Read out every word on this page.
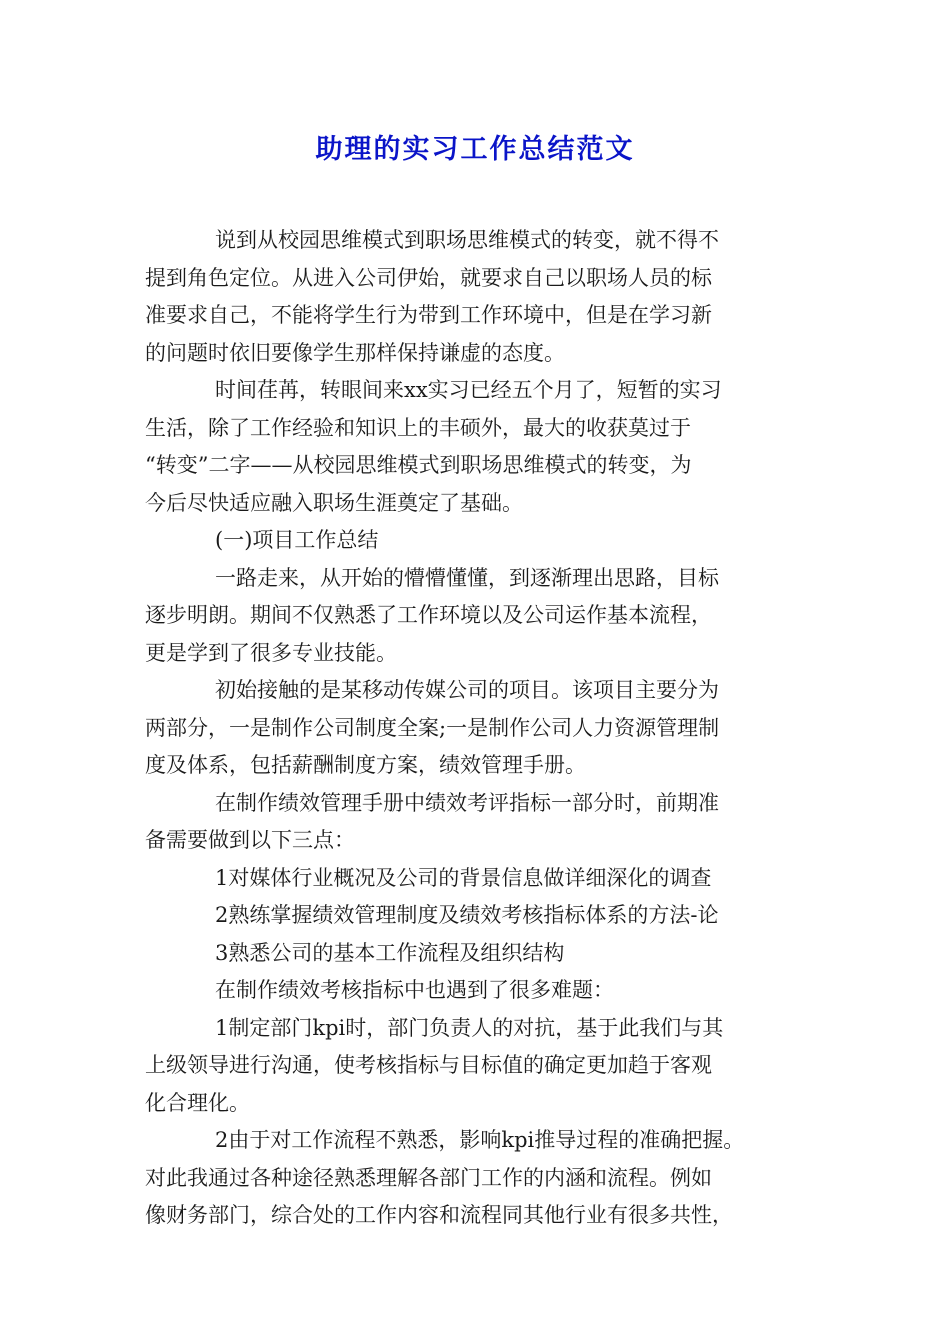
助理的实习工作总结范文
说到从校园思维模式到职场思维模式的转变，就不得不
提到角色定位。从进入公司伊始，就要求自己以职场人员的标
准要求自己，不能将学生行为带到工作环境中，但是在学习新
的问题时依旧要像学生那样保持谦虚的态度。
时间荏苒，转眼间来xx实习已经五个月了，短暂的实习
生活，除了工作经验和知识上的丰硕外，最大的收获莫过于
“转变”二字——从校园思维模式到职场思维模式的转变，为
今后尽快适应融入职场生涯奠定了基础。
(一)项目工作总结
一路走来，从开始的懵懵懂懂，到逐渐理出思路，目标
逐步明朗。期间不仅熟悉了工作环境以及公司运作基本流程，
更是学到了很多专业技能。
初始接触的是某移动传媒公司的项目。该项目主要分为
两部分，一是制作公司制度全案;一是制作公司人力资源管理制
度及体系，包括薪酬制度方案，绩效管理手册。
在制作绩效管理手册中绩效考评指标一部分时，前期准
备需要做到以下三点：
1对媒体行业概况及公司的背景信息做详细深化的调查
2熟练掌握绩效管理制度及绩效考核指标体系的方法-论
3熟悉公司的基本工作流程及组织结构
在制作绩效考核指标中也遇到了很多难题：
1制定部门kpi时，部门负责人的对抗，基于此我们与其
上级领导进行沟通，使考核指标与目标值的确定更加趋于客观
化合理化。
2由于对工作流程不熟悉，影响kpi推导过程的准确把握。
对此我通过各种途径熟悉理解各部门工作的内涵和流程。例如
像财务部门，综合处的工作内容和流程同其他行业有很多共性，
